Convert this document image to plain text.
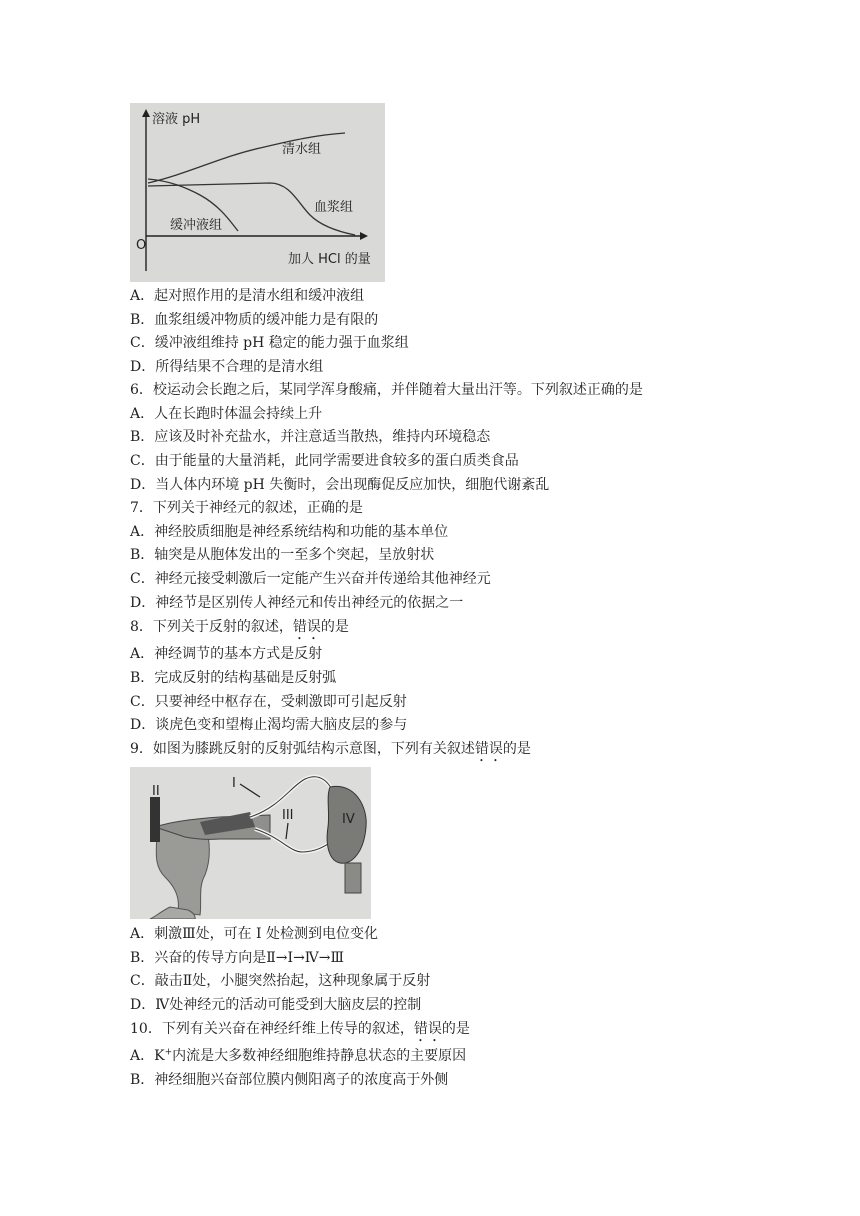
溶液 pH
清水组
血浆组
缓冲液组
O
加人 HCl 的量
A．起对照作用的是清水组和缓冲液组
B．血浆组缓冲物质的缓冲能力是有限的
C．缓冲液组维持 pH 稳定的能力强于血浆组
D．所得结果不合理的是清水组
6．校运动会长跑之后，某同学浑身酸痛，并伴随着大量出汗等。下列叙述正确的是
A．人在长跑时体温会持续上升
B．应该及时补充盐水，并注意适当散热，维持内环境稳态
C．由于能量的大量消耗，此同学需要进食较多的蛋白质类食品
D．当人体内环境 pH 失衡时，会出现酶促反应加快，细胞代谢紊乱
7．下列关于神经元的叙述，正确的是
A．神经胶质细胞是神经系统结构和功能的基本单位
B．轴突是从胞体发出的一至多个突起，呈放射状
C．神经元接受刺激后一定能产生兴奋并传递给其他神经元
D．神经节是区别传人神经元和传出神经元的依据之一
8．下列关于反射的叙述，错误的是
A．神经调节的基本方式是反射
B．完成反射的结构基础是反射弧
C．只要神经中枢存在，受刺激即可引起反射
D．谈虎色变和望梅止渴均需大脑皮层的参与
9．如图为膝跳反射的反射弧结构示意图，下列有关叙述错误的是
I
II
III	IV
A．刺激Ⅲ处，可在 I 处检测到电位变化
B．兴奋的传导方向是Ⅱ→I→Ⅳ→Ⅲ
C．敲击Ⅱ处，小腿突然抬起，这种现象属于反射
D．Ⅳ处神经元的活动可能受到大脑皮层的控制
10．下列有关兴奋在神经纤维上传导的叙述，错误的是
A．K+内流是大多数神经细胞维持静息状态的主要原因
B．神经细胞兴奋部位膜内侧阳离子的浓度高于外侧
